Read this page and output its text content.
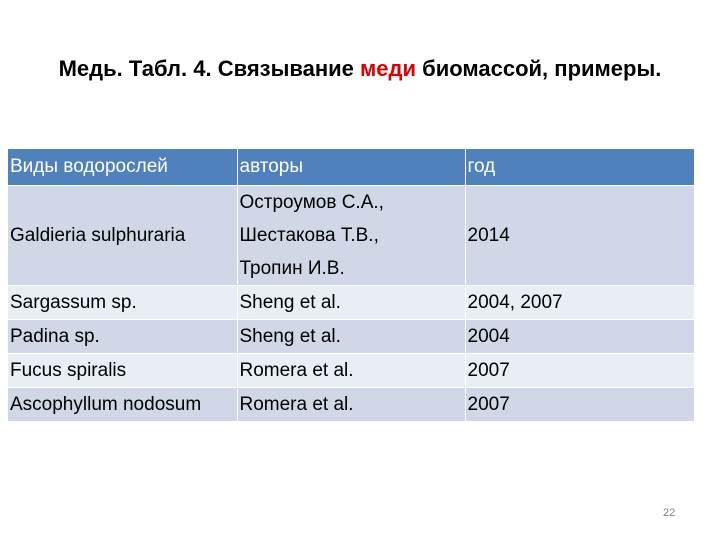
Медь. Табл. 4. Связывание меди биомассой, примеры.
Виды водорослей	авторы	год
Galdieria sulphuraria	Остроумов С.А.,
Шестакова Т.В.,
Тропин И.В.	2014
Sargassum sp.	Sheng et al.	2004, 2007
Padina sp.	Sheng et al.	2004
Fucus spiralis	Romera et al.	2007
Ascophyllum nodosum	Romera et al.	2007
22
